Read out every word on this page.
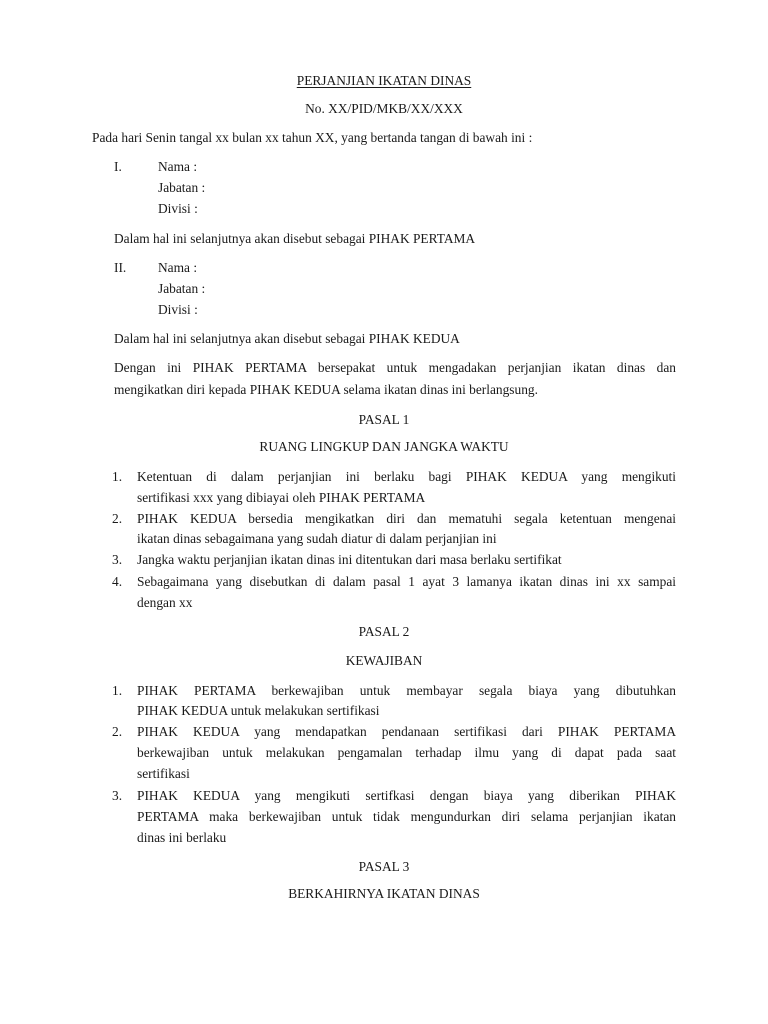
PERJANJIAN IKATAN DINAS
No. XX/PID/MKB/XX/XXX
Pada hari Senin tangal xx bulan xx tahun XX, yang bertanda tangan di bawah ini :
I.	Nama :
Jabatan :
Divisi :
Dalam hal ini selanjutnya akan disebut sebagai PIHAK PERTAMA
II. Nama :
Jabatan :
Divisi :
Dalam hal ini selanjutnya akan disebut sebagai PIHAK KEDUA
Dengan ini PIHAK PERTAMA bersepakat untuk mengadakan perjanjian ikatan dinas dan
mengikatkan diri kepada PIHAK KEDUA selama ikatan dinas ini berlangsung.
PASAL 1
RUANG LINGKUP DAN JANGKA WAKTU
1. Ketentuan di dalam perjanjian ini berlaku bagi PIHAK KEDUA yang mengikuti
sertifikasi xxx yang dibiayai oleh PIHAK PERTAMA
2. PIHAK KEDUA bersedia mengikatkan diri dan mematuhi segala ketentuan mengenai
ikatan dinas sebagaimana yang sudah diatur di dalam perjanjian ini
3. Jangka waktu perjanjian ikatan dinas ini ditentukan dari masa berlaku sertifikat
4. Sebagaimana yang disebutkan di dalam pasal 1 ayat 3 lamanya ikatan dinas ini xx sampai
dengan xx
PASAL 2
KEWAJIBAN
1. PIHAK PERTAMA berkewajiban untuk membayar segala biaya yang dibutuhkan
PIHAK KEDUA untuk melakukan sertifikasi
2. PIHAK KEDUA yang mendapatkan pendanaan sertifikasi dari PIHAK PERTAMA
berkewajiban untuk melakukan pengamalan terhadap ilmu yang di dapat pada saat
sertifikasi
3. PIHAK KEDUA yang mengikuti sertifkasi dengan biaya yang diberikan PIHAK
PERTAMA maka berkewajiban untuk tidak mengundurkan diri selama perjanjian ikatan
dinas ini berlaku
PASAL 3
BERKAHIRNYA IKATAN DINAS
